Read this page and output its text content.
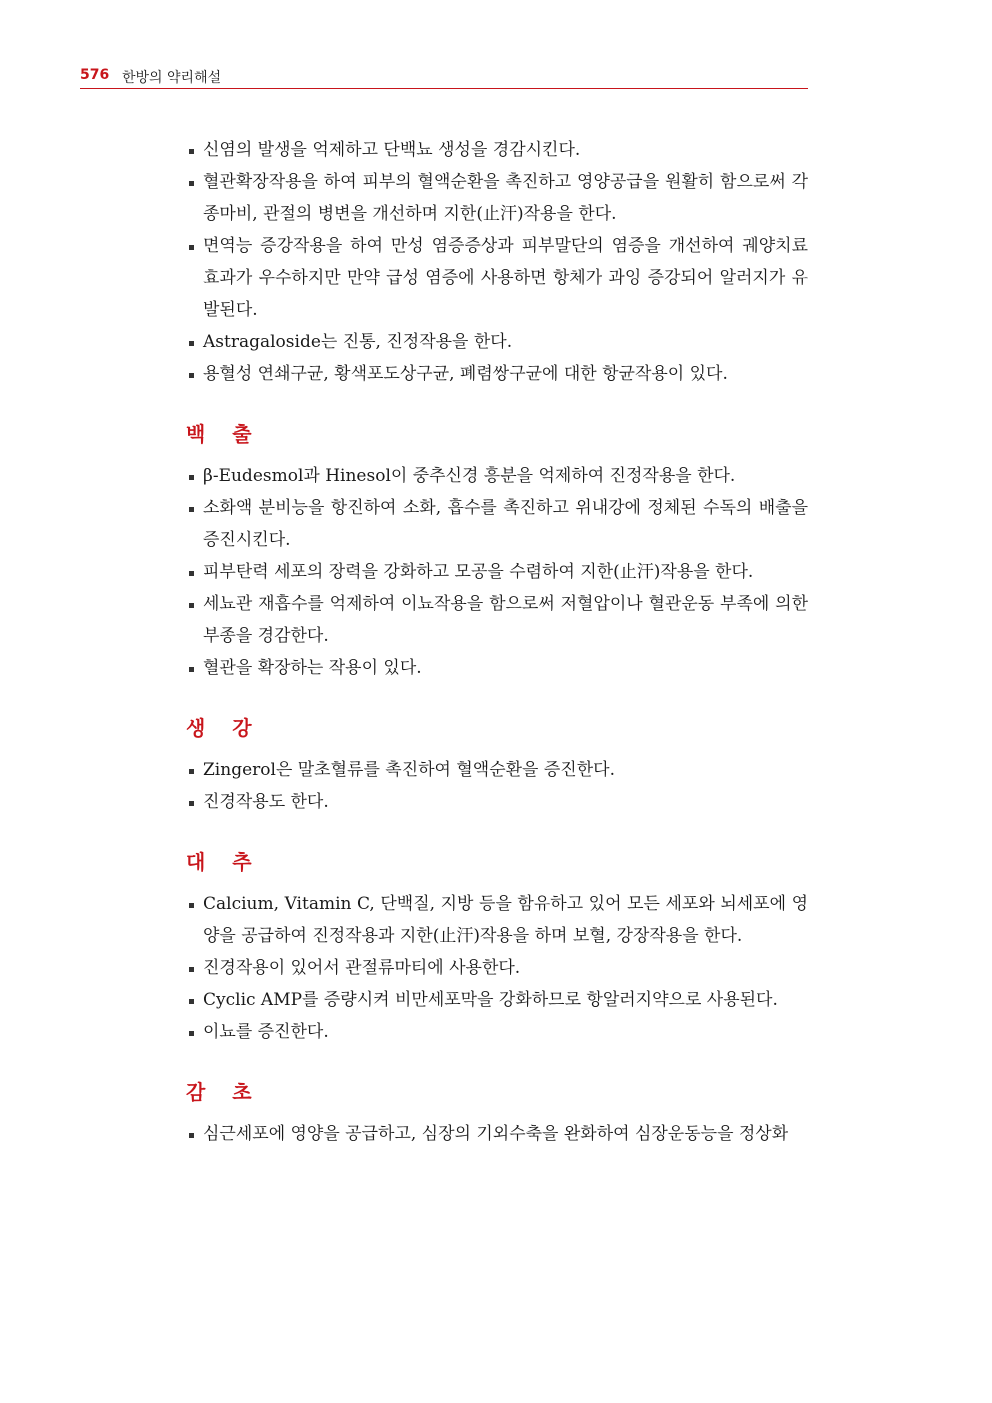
576 한방의 약리해설
신염의 발생을 억제하고 단백뇨 생성을 경감시킨다.
혈관확장작용을 하여 피부의 혈액순환을 촉진하고 영양공급을 원활히 함으로써 각종마비, 관절의 병변을 개선하며 지한(止汗)작용을 한다.
면역능 증강작용을 하여 만성 염증증상과 피부말단의 염증을 개선하여 궤양치료 효과가 우수하지만 만약 급성 염증에 사용하면 항체가 과잉 증강되어 알러지가 유발된다.
Astragaloside는 진통, 진정작용을 한다.
용혈성 연쇄구균, 황색포도상구균, 폐렴쌍구균에 대한 항균작용이 있다.
백 출
β-Eudesmol과 Hinesol이 중추신경 흥분을 억제하여 진정작용을 한다.
소화액 분비능을 항진하여 소화, 흡수를 촉진하고 위내강에 정체된 수독의 배출을 증진시킨다.
피부탄력 세포의 장력을 강화하고 모공을 수렴하여 지한(止汗)작용을 한다.
세뇨관 재흡수를 억제하여 이뇨작용을 함으로써 저혈압이나 혈관운동 부족에 의한 부종을 경감한다.
혈관을 확장하는 작용이 있다.
생 강
Zingerol은 말초혈류를 촉진하여 혈액순환을 증진한다.
진경작용도 한다.
대 추
Calcium, Vitamin C, 단백질, 지방 등을 함유하고 있어 모든 세포와 뇌세포에 영양을 공급하여 진정작용과 지한(止汗)작용을 하며 보혈, 강장작용을 한다.
진경작용이 있어서 관절류마티에 사용한다.
Cyclic AMP를 증량시켜 비만세포막을 강화하므로 항알러지약으로 사용된다.
이뇨를 증진한다.
감 초
심근세포에 영양을 공급하고, 심장의 기외수축을 완화하여 심장운동능을 정상화
